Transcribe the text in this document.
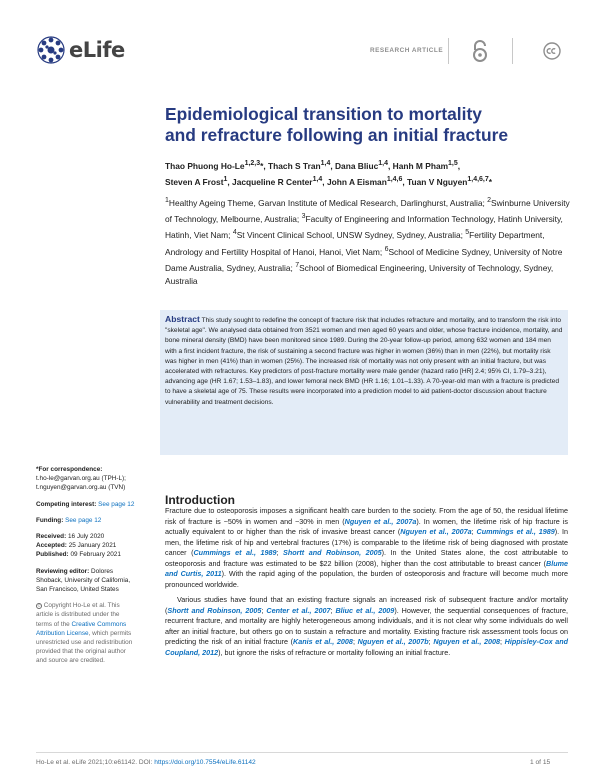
eLife	RESEARCH ARTICLE
Epidemiological transition to mortality
and refracture following an initial fracture
Thao Phuong Ho-Le$^{1,2,3}$*, Thach S Tran$^{1,4}$, Dana Bliuc$^{1,4}$, Hanh M Pham$^{1,5}$,
Steven A Frost$^1$, Jacqueline R Center$^{1,4}$, John A Eisman$^{1,4,6}$, Tuan V Nguyen$^{1,4,6,7}$*
$^1$Healthy Ageing Theme, Garvan Institute of Medical Research, Darlinghurst, Australia; $^2$Swinburne University of Technology, Melbourne, Australia; $^3$Faculty of Engineering and Information Technology, Hatinh University, Hatinh, Viet Nam; $^4$St Vincent Clinical School, UNSW Sydney, Sydney, Australia; $^5$Fertility Department, Andrology and Fertility Hospital of Hanoi, Hanoi, Viet Nam; $^6$School of Medicine Sydney, University of Notre Dame Australia, Sydney, Australia; $^7$School of Biomedical Engineering, University of Technology, Sydney, Australia
Abstract This study sought to redefine the concept of fracture risk that includes refracture and mortality, and to transform the risk into "skeletal age". We analysed data obtained from 3521 women and men aged 60 years and older, whose fracture incidence, mortality, and bone mineral density (BMD) have been monitored since 1989. During the 20-year follow-up period, among 632 women and 184 men with a first incident fracture, the risk of sustaining a second fracture was higher in women (36%) than in men (22%), but mortality risk was higher in men (41%) than in women (25%). The increased risk of mortality was not only present with an initial fracture, but was accelerated with refractures. Key predictors of post-fracture mortality were male gender (hazard ratio [HR] 2.4; 95% CI, 1.79–3.21), advancing age (HR 1.67; 1.53–1.83), and lower femoral neck BMD (HR 1.16; 1.01–1.33). A 70-year-old man with a fracture is predicted to have a skeletal age of 75. These results were incorporated into a prediction model to aid patient-doctor discussion about fracture vulnerability and treatment decisions.
*For correspondence:
t.ho-le@garvan.org.au (TPH-L);
t.nguyen@garvan.org.au (TVN)
Competing interest: See page 12
Funding: See page 12
Received: 16 July 2020
Accepted: 25 January 2021
Published: 09 February 2021
Reviewing editor: Dolores Shoback, University of California, San Francisco, United States
© Copyright Ho-Le et al. This article is distributed under the terms of the Creative Commons Attribution License, which permits unrestricted use and redistribution provided that the original author and source are credited.
Introduction

Fracture due to osteoporosis imposes a significant health care burden to the society. From the age of 50, the residual lifetime risk of fracture is ~50% in women and ~30% in men (Nguyen et al., 2007a). In women, the lifetime risk of hip fracture is actually equivalent to or higher than the risk of invasive breast cancer (Nguyen et al., 2007a; Cummings et al., 1989). In men, the lifetime risk of hip and vertebral fractures (17%) is comparable to the lifetime risk of being diagnosed with prostate cancer (Cummings et al., 1989; Shortt and Robinson, 2005). In the United States alone, the cost attributable to osteoporosis and fracture was estimated to be $22 billion (2008), higher than the cost attributable to breast cancer (Blume and Curtis, 2011). With the rapid aging of the population, the burden of osteoporosis and fracture will become much more pronounced worldwide.

Various studies have found that an existing fracture signals an increased risk of subsequent fracture and/or mortality (Shortt and Robinson, 2005; Center et al., 2007; Bliuc et al., 2009). However, the sequential consequences of fracture, recurrent fracture, and mortality are highly heterogeneous among individuals, and it is not clear why some individuals do well after an initial fracture, but others go on to sustain a refracture and mortality. Existing fracture risk assessment tools focus on predicting the risk of an initial fracture (Kanis et al., 2008; Nguyen et al., 2007b; Nguyen et al., 2008; Hippisley-Cox and Coupland, 2012), but ignore the risks of refracture or mortality following an initial fracture.

Ho-Le et al. eLife 2021;10:e61142. DOI: https://doi.org/10.7554/eLife.61142	1 of 15
